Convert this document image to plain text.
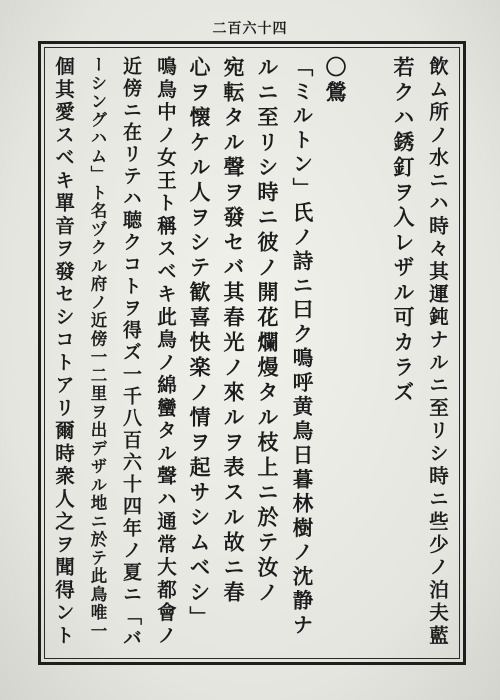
二百六十四
飲ム所ノ水ニハ時々其運鈍ナルニ至リシ時ニ些少ノ泊夫藍
若クハ銹釘ヲ入レザル可カラズ
〇鶯
「ミルトン」氏ノ詩ニ曰ク鳴呼黄鳥日暮林樹ノ沈静ナ
ルニ至リシ時ニ彼ノ開花爛熳タル枝上ニ於テ汝ノ
宛転タル聲ヲ發セバ其春光ノ來ルヲ表スル故ニ春
心ヲ懐ケル人ヲシテ歓喜快楽ノ情ヲ起サシムベシ」
鳴鳥中ノ女王ト稱スベキ此鳥ノ綿蠻タル聲ハ通常大都會ノ
近傍ニ在リテハ聴クコトヲ得ズ一千八百六十四年ノ夏ニ「バ
ーシングハム」ト名ヅクル府ノ近傍一二里ヲ出デザル地ニ於テ此鳥唯一
個其愛スベキ單音ヲ發セシコトアリ爾時衆人之ヲ聞得ント
